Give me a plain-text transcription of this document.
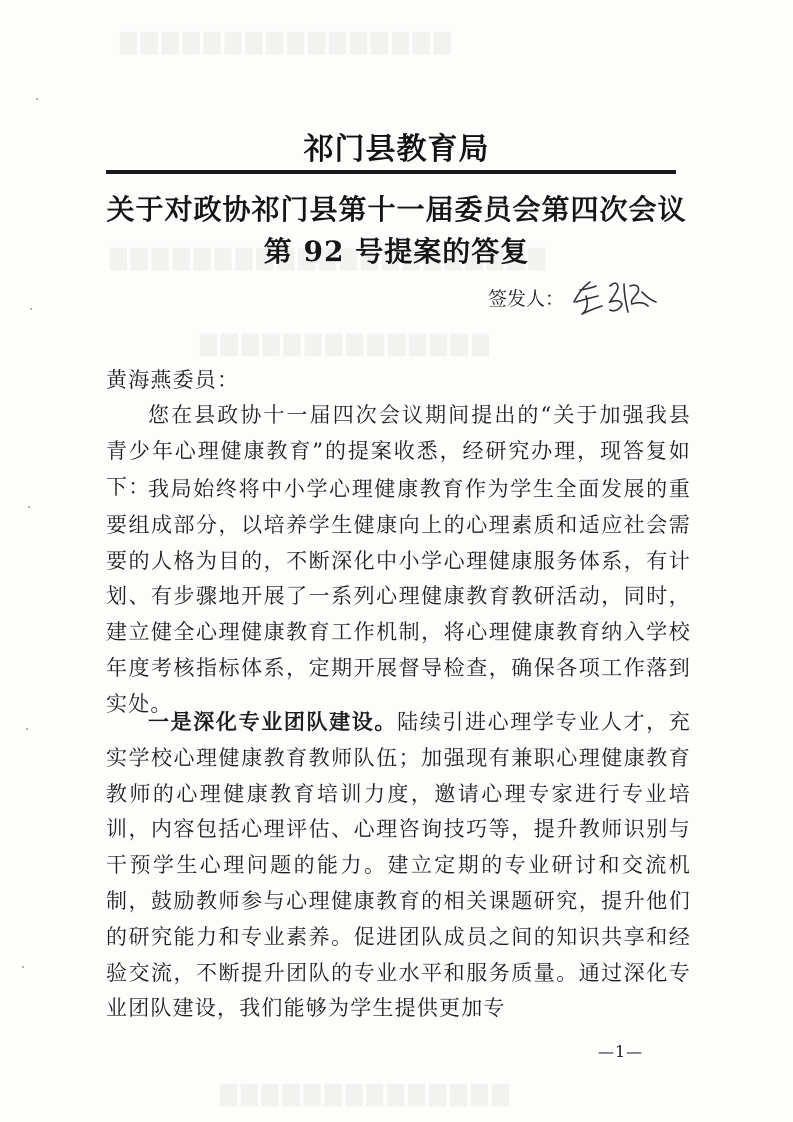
祁门县教育局
关于对政协祁门县第十一届委员会第四次会议
第 92 号提案的答复
签发人：
黄海燕委员：

您在县政协十一届四次会议期间提出的“关于加强我县青少年心理健康教育”的提案收悉，经研究办理，现答复如下：

我局始终将中小学心理健康教育作为学生全面发展的重要组成部分，以培养学生健康向上的心理素质和适应社会需要的人格为目的，不断深化中小学心理健康服务体系，有计划、有步骤地开展了一系列心理健康教育教研活动，同时，建立健全心理健康教育工作机制，将心理健康教育纳入学校年度考核指标体系，定期开展督导检查，确保各项工作落到实处。

一是深化专业团队建设。陆续引进心理学专业人才，充实学校心理健康教育教师队伍；加强现有兼职心理健康教育教师的心理健康教育培训力度，邀请心理专家进行专业培训，内容包括心理评估、心理咨询技巧等，提升教师识别与干预学生心理问题的能力。建立定期的专业研讨和交流机制，鼓励教师参与心理健康教育的相关课题研究，提升他们的研究能力和专业素养。促进团队成员之间的知识共享和经验交流，不断提升团队的专业水平和服务质量。通过深化专业团队建设，我们能够为学生提供更加专

—1—
